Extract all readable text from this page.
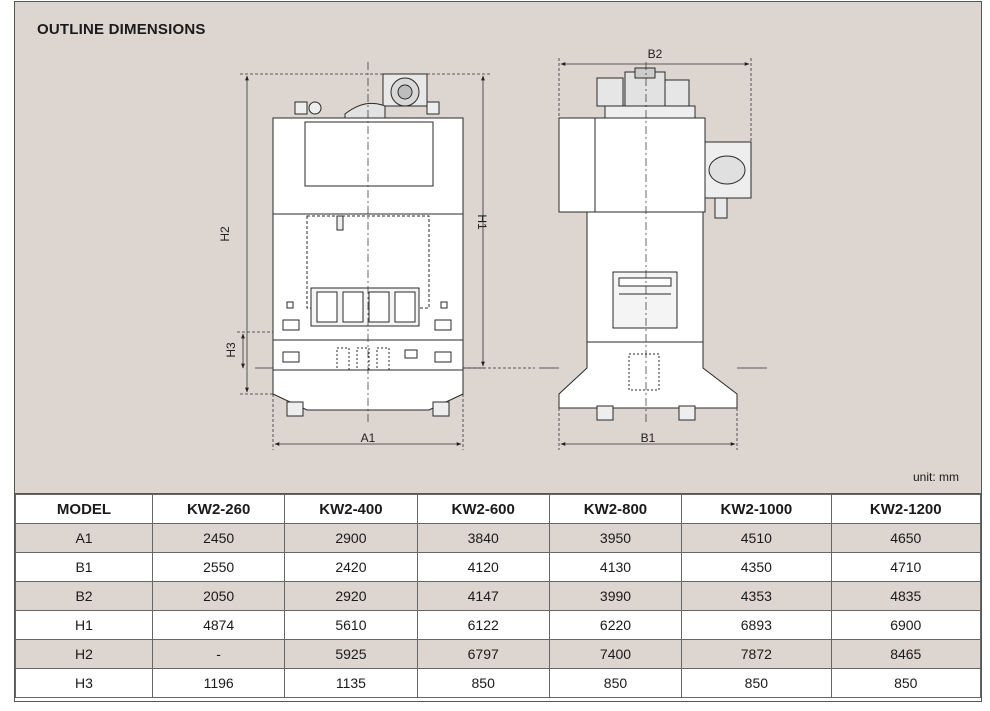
OUTLINE DIMENSIONS
H2
H1
H3
A1
B2
B1
unit: mm
MODEL	KW2-260	KW2-400	KW2-600	KW2-800	KW2-1000	KW2-1200
A1	2450	2900	3840	3950	4510	4650
B1	2550	2420	4120	4130	4350	4710
B2	2050	2920	4147	3990	4353	4835
H1	4874	5610	6122	6220	6893	6900
H2	-	5925	6797	7400	7872	8465
H3	1196	1135	850	850	850	850
